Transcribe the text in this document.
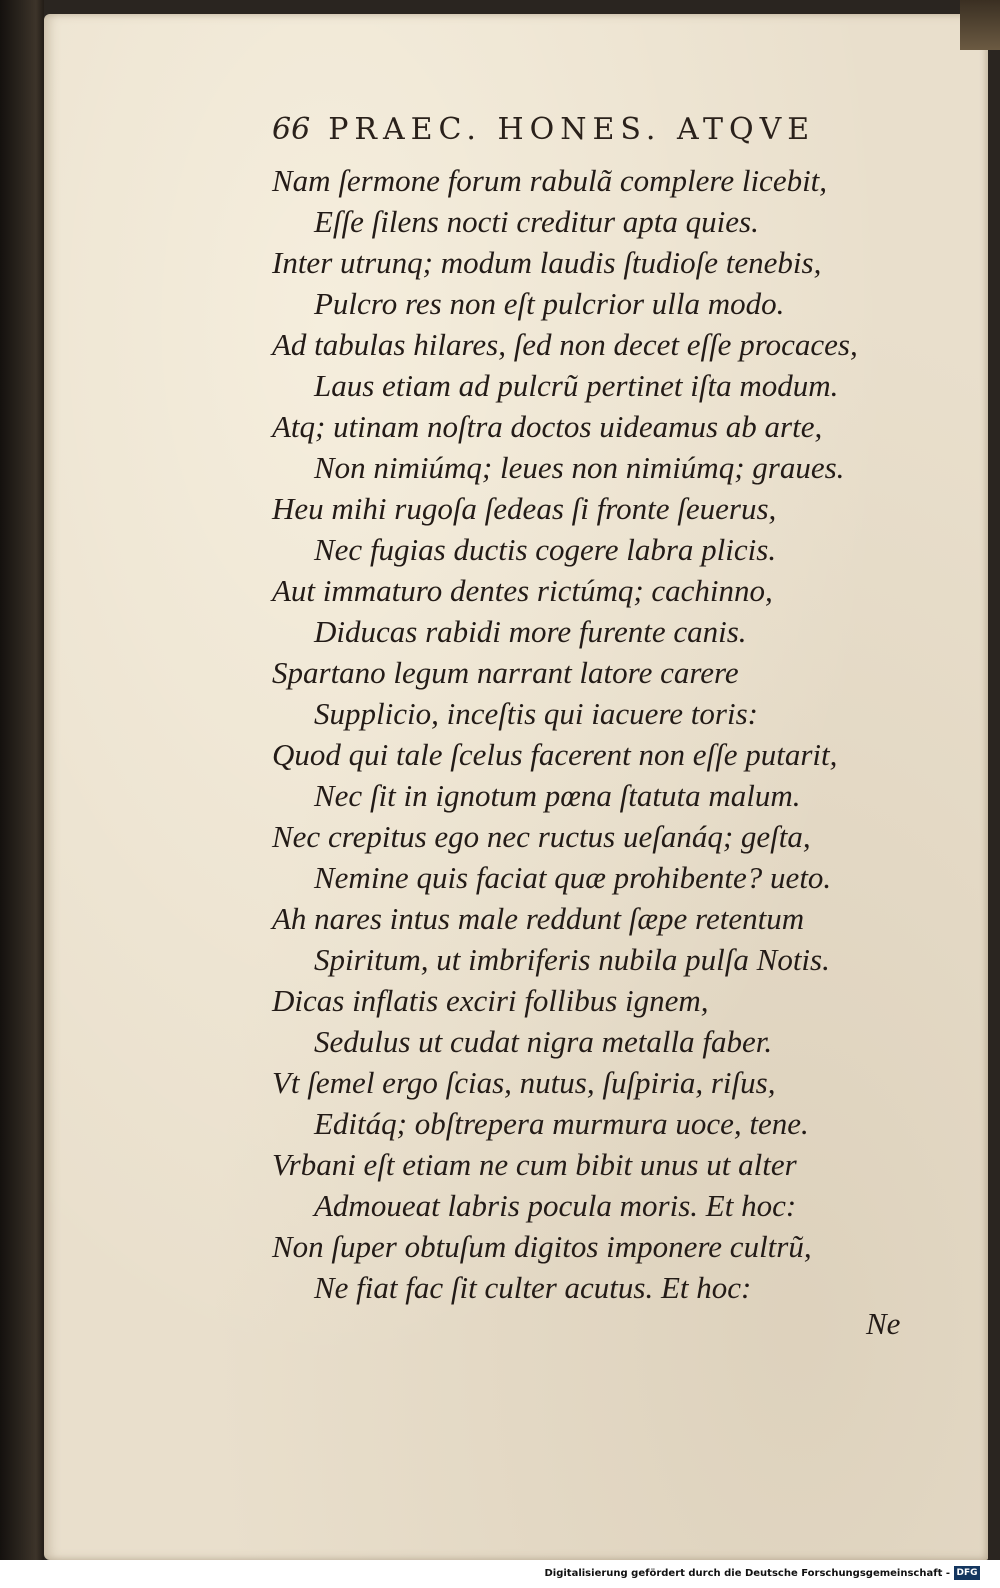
66 PRAEC. HONES. ATQVE
Nam ſermone forum rabulã complere licebit,
Eſſe ſilens nocti creditur apta quies.
Inter utrunq; modum laudis ſtudioſe tenebis,
Pulcro res non eſt pulcrior ulla modo.
Ad tabulas hilares, ſed non decet eſſe procaces,
Laus etiam ad pulcrũ pertinet iſta modum.
Atq; utinam noſtra doctos uideamus ab arte,
Non nimiúmq; leues non nimiúmq; graues.
Heu mihi rugoſa ſedeas ſi fronte ſeuerus,
Nec fugias ductis cogere labra plicis.
Aut immaturo dentes rictúmq; cachinno,
Diducas rabidi more furente canis.
Spartano legum narrant latore carere
Supplicio, inceſtis qui iacuere toris:
Quod qui tale ſcelus facerent non eſſe putarit,
Nec ſit in ignotum pœna ſtatuta malum.
Nec crepitus ego nec ructus ueſanáq; geſta,
Nemine quis faciat quæ prohibente? ueto.
Ah nares intus male reddunt ſæpe retentum
Spiritum, ut imbriferis nubila pulſa Notis.
Dicas inflatis exciri follibus ignem,
Sedulus ut cudat nigra metalla faber.
Vt ſemel ergo ſcias, nutus, ſuſpiria, riſus,
Editáq; obſtrepera murmura uoce, tene.
Vrbani eſt etiam ne cum bibit unus ut alter
Admoueat labris pocula moris. Et hoc:
Non ſuper obtuſum digitos imponere cultrũ,
Ne fiat fac ſit culter acutus. Et hoc:
Ne
Digitalisierung gefördert durch die Deutsche Forschungsgemeinschaft - DFG
